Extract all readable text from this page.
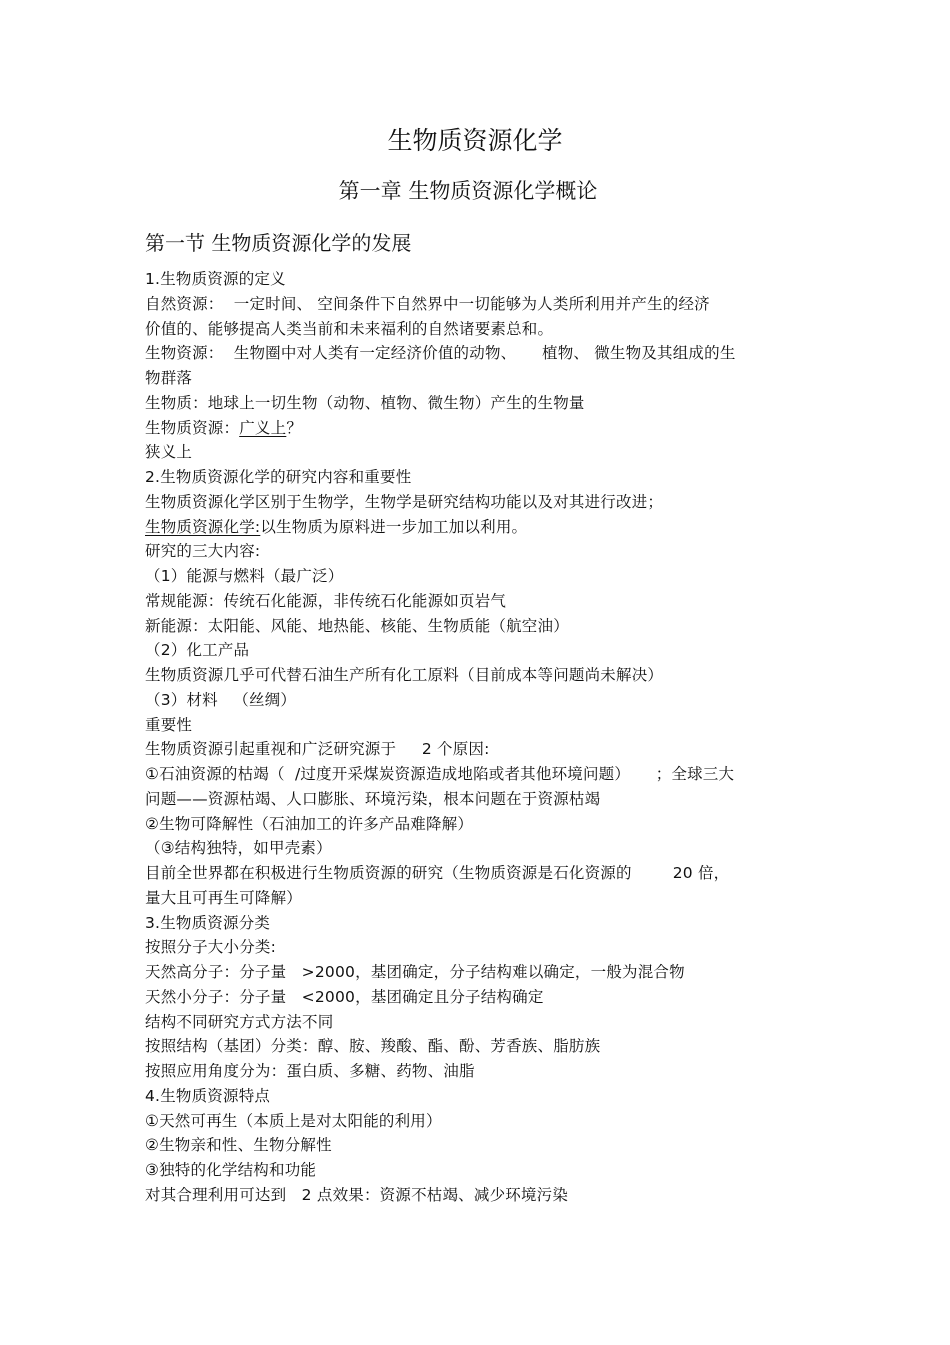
生物质资源化学
第一章 生物质资源化学概论
第一节 生物质资源化学的发展
1.生物质资源的定义
自然资源：  一定时间、 空间条件下自然界中一切能够为人类所利用并产生的经济
价值的、能够提高人类当前和未来福利的自然诸要素总和。
生物资源：  生物圈中对人类有一定经济价值的动物、     植物、 微生物及其组成的生
物群落
生物质：地球上一切生物（动物、植物、微生物）产生的生物量
生物质资源：广义上？
狭义上
2.生物质资源化学的研究内容和重要性
生物质资源化学区别于生物学，生物学是研究结构功能以及对其进行改进；
生物质资源化学:以生物质为原料进一步加工加以利用。
研究的三大内容:
（1）能源与燃料（最广泛）
常规能源：传统石化能源，非传统石化能源如页岩气
新能源：太阳能、风能、地热能、核能、生物质能（航空油）
（2）化工产品
生物质资源几乎可代替石油生产所有化工原料（目前成本等问题尚未解决）
（3）材料   （丝绸）
重要性
生物质资源引起重视和广泛研究源于     2 个原因:
①石油资源的枯竭（  /过度开采煤炭资源造成地陷或者其他环境问题）     ；全球三大
问题——资源枯竭、人口膨胀、环境污染，根本问题在于资源枯竭
②生物可降解性（石油加工的许多产品难降解）
（③结构独特，如甲壳素）
目前全世界都在积极进行生物质资源的研究（生物质资源是石化资源的        20 倍，
量大且可再生可降解）
3.生物质资源分类
按照分子大小分类:
天然高分子：分子量   >2000，基团确定，分子结构难以确定，一般为混合物
天然小分子：分子量   <2000，基团确定且分子结构确定
结构不同研究方式方法不同
按照结构（基团）分类：醇、胺、羧酸、酯、酚、芳香族、脂肪族
按照应用角度分为：蛋白质、多糖、药物、油脂
4.生物质资源特点
①天然可再生（本质上是对太阳能的利用）
②生物亲和性、生物分解性
③独特的化学结构和功能
对其合理利用可达到   2 点效果：资源不枯竭、减少环境污染
